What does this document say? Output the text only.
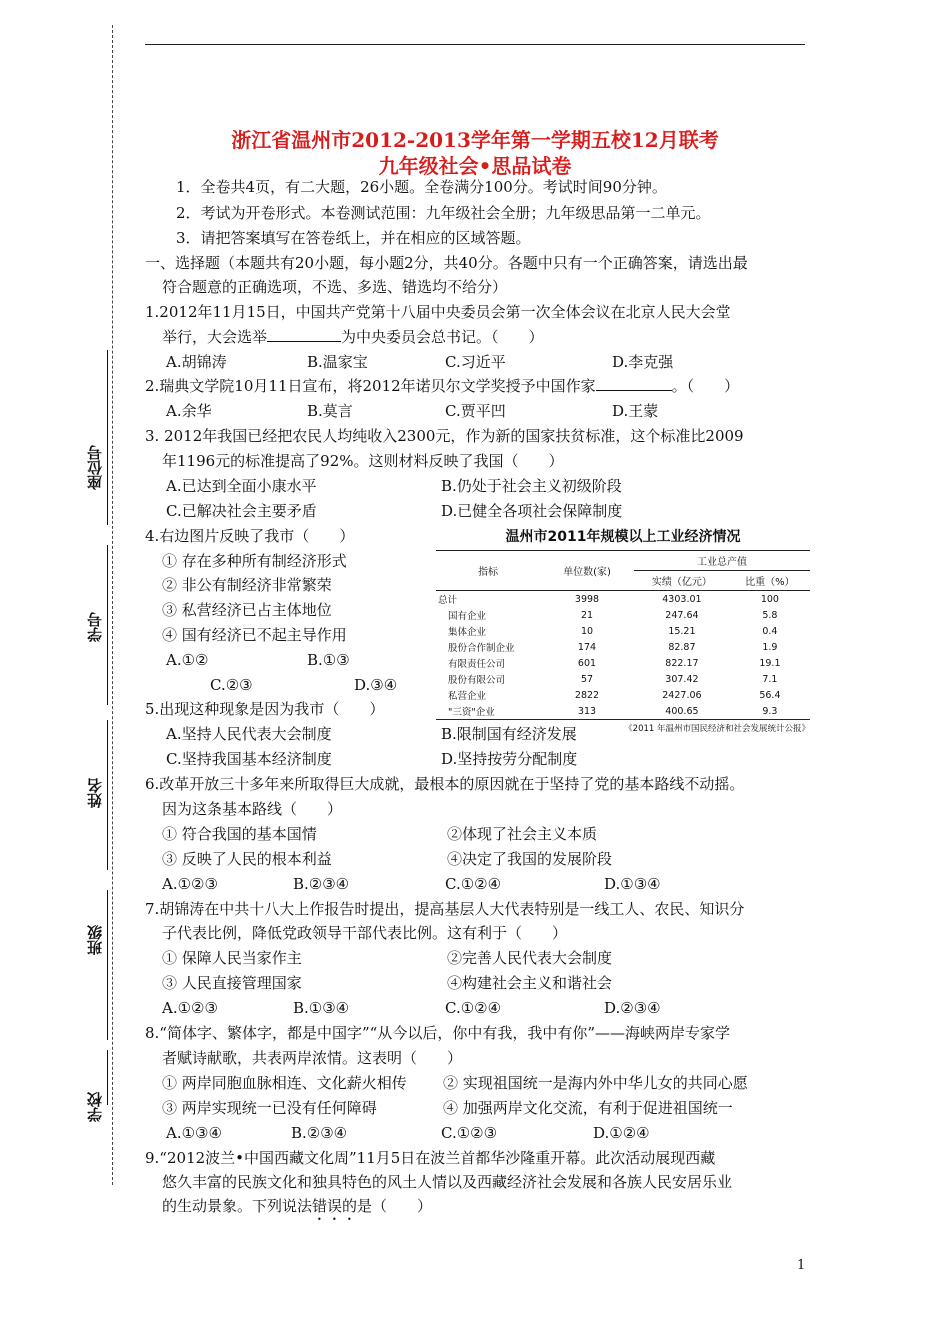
座位号
学号
姓名
班级
学校
浙江省温州市2012-2013学年第一学期五校12月联考
九年级社会•思品试卷
1．全卷共4页，有二大题，26小题。全卷满分100分。考试时间90分钟。
2．考试为开卷形式。本卷测试范围：九年级社会全册；九年级思品第一二单元。
3．请把答案填写在答卷纸上，并在相应的区域答题。
一、选择题（本题共有20小题，每小题2分，共40分。各题中只有一个正确答案，请选出最
符合题意的正确选项，不选、多选、错选均不给分）
1.2012年11月15日，中国共产党第十八届中央委员会第一次全体会议在北京人民大会堂
举行，大会选举	为中央委员会总书记。（　　）
A.胡锦涛	B.温家宝	C.习近平	D.李克强
2.瑞典文学院10月11日宣布，将2012年诺贝尔文学奖授予中国作家	。（　　）
A.余华	B.莫言	C.贾平凹	D.王蒙
3. 2012年我国已经把农民人均纯收入2300元，作为新的国家扶贫标准，这个标准比2009
年1196元的标准提高了92%。这则材料反映了我国（　　）
A.已达到全面小康水平	B.仍处于社会主义初级阶段
C.已解决社会主要矛盾	D.已健全各项社会保障制度
4.右边图片反映了我市（　　）
① 存在多种所有制经济形式
② 非公有制经济非常繁荣
③ 私营经济已占主体地位
④ 国有经济已不起主导作用
A.①②	B.①③
C.②③	D.③④
温州市2011年规模以上工业经济情况
指标	单位数(家)	工业总产值	
		实绩（亿元）	比重（%）
总计	3998	4303.01	100
国有企业	21	247.64	5.8
集体企业	10	15.21	0.4
股份合作制企业	174	82.87	1.9
有限责任公司	601	822.17	19.1
股份有限公司	57	307.42	7.1
私营企业	2822	2427.06	56.4
"三资"企业	313	400.65	9.3
《2011 年温州市国民经济和社会发展统计公报》
5.出现这种现象是因为我市（　　）
A.坚持人民代表大会制度	B.限制国有经济发展
C.坚持我国基本经济制度	D.坚持按劳分配制度
6.改革开放三十多年来所取得巨大成就，最根本的原因就在于坚持了党的基本路线不动摇。
因为这条基本路线（　　）
① 符合我国的基本国情	②体现了社会主义本质
③ 反映了人民的根本利益	④决定了我国的发展阶段
A.①②③	B.②③④	C.①②④	D.①③④
7.胡锦涛在中共十八大上作报告时提出，提高基层人大代表特别是一线工人、农民、知识分
子代表比例，降低党政领导干部代表比例。这有利于（　　）
① 保障人民当家作主	②完善人民代表大会制度
③ 人民直接管理国家	④构建社会主义和谐社会
A.①②③	B.①③④	C.①②④	D.②③④
8.“简体字、繁体字，都是中国字”“从今以后，你中有我，我中有你”——海峡两岸专家学
者赋诗献歌，共表两岸浓情。这表明（　　）
① 两岸同胞血脉相连、文化薪火相传 ② 实现祖国统一是海内外中华儿女的共同心愿
③ 两岸实现统一已没有任何障碍	④ 加强两岸文化交流，有利于促进祖国统一
A.①③④	B.②③④	C.①②③	D.①②④
9.“2012波兰•中国西藏文化周”11月5日在波兰首都华沙隆重开幕。此次活动展现西藏
悠久丰富的民族文化和独具特色的风土人情以及西藏经济社会发展和各族人民安居乐业
的生动景象。下列说法错误的是（　　）
1
